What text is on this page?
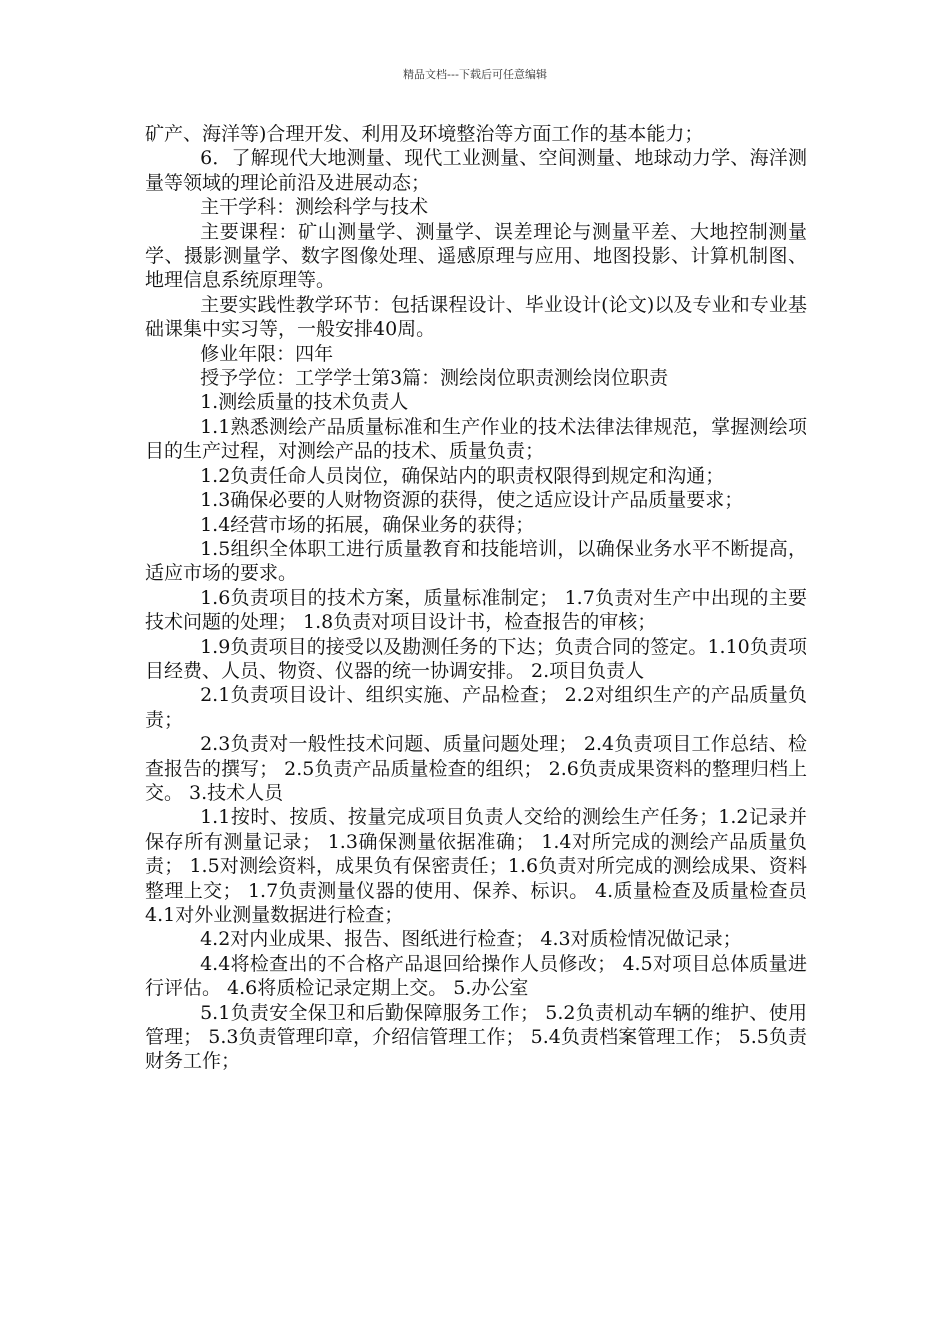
精品文档---下载后可任意编辑

矿产、海洋等)合理开发、利用及环境整治等方面工作的基本能力；

6．了解现代大地测量、现代工业测量、空间测量、地球动力学、海洋测量等领域的理论前沿及进展动态；

主干学科：测绘科学与技术

主要课程：矿山测量学、测量学、误差理论与测量平差、大地控制测量学、摄影测量学、数字图像处理、遥感原理与应用、地图投影、计算机制图、地理信息系统原理等。

主要实践性教学环节：包括课程设计、毕业设计(论文)以及专业和专业基础课集中实习等，一般安排40周。

修业年限：四年

授予学位：工学学士第3篇：测绘岗位职责测绘岗位职责

1.测绘质量的技术负责人

1.1熟悉测绘产品质量标准和生产作业的技术法律法律规范，掌握测绘项目的生产过程，对测绘产品的技术、质量负责；

1.2负责任命人员岗位，确保站内的职责权限得到规定和沟通；

1.3确保必要的人财物资源的获得，使之适应设计产品质量要求；

1.4经营市场的拓展，确保业务的获得；

1.5组织全体职工进行质量教育和技能培训，以确保业务水平不断提高，适应市场的要求。

1.6负责项目的技术方案，质量标准制定； 1.7负责对生产中出现的主要技术问题的处理； 1.8负责对项目设计书，检查报告的审核；

1.9负责项目的接受以及勘测任务的下达；负责合同的签定。1.10负责项目经费、人员、物资、仪器的统一协调安排。 2.项目负责人

2.1负责项目设计、组织实施、产品检查； 2.2对组织生产的产品质量负责；

2.3负责对一般性技术问题、质量问题处理； 2.4负责项目工作总结、检查报告的撰写； 2.5负责产品质量检查的组织； 2.6负责成果资料的整理归档上交。 3.技术人员

1.1按时、按质、按量完成项目负责人交给的测绘生产任务；1.2记录并保存所有测量记录； 1.3确保测量依据准确； 1.4对所完成的测绘产品质量负责； 1.5对测绘资料，成果负有保密责任；1.6负责对所完成的测绘成果、资料整理上交； 1.7负责测量仪器的使用、保养、标识。 4.质量检查及质量检查员 4.1对外业测量数据进行检查；

4.2对内业成果、报告、图纸进行检查； 4.3对质检情况做记录；

4.4将检查出的不合格产品退回给操作人员修改； 4.5对项目总体质量进行评估。 4.6将质检记录定期上交。 5.办公室

5.1负责安全保卫和后勤保障服务工作； 5.2负责机动车辆的维护、使用管理； 5.3负责管理印章，介绍信管理工作； 5.4负责档案管理工作； 5.5负责财务工作；
